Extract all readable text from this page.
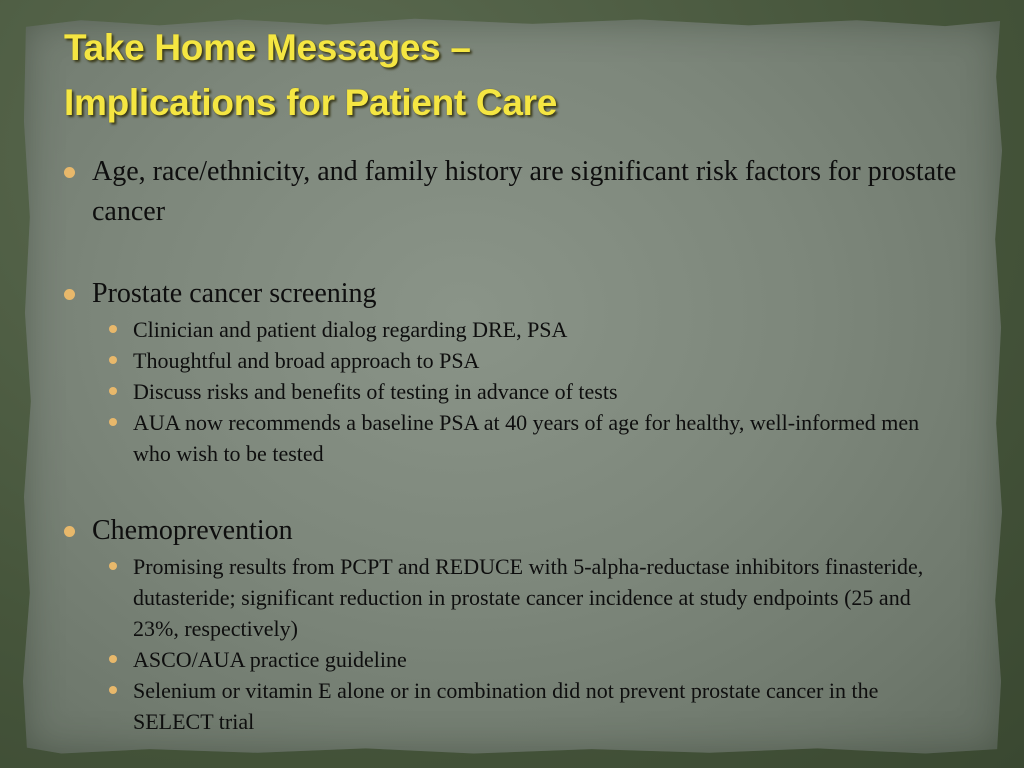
Take Home Messages –
Implications for Patient Care
Age, race/ethnicity, and family history are significant risk factors for prostate cancer
Prostate cancer screening
Clinician and patient dialog regarding DRE, PSA
Thoughtful and broad approach to PSA
Discuss risks and benefits of testing in advance of tests
AUA now recommends a baseline PSA at 40 years of age for healthy, well-informed men who wish to be tested
Chemoprevention
Promising results from PCPT and REDUCE with 5-alpha-reductase inhibitors finasteride, dutasteride; significant reduction in prostate cancer incidence at study endpoints (25 and 23%, respectively)
ASCO/AUA practice guideline
Selenium or vitamin E alone or in combination did not prevent prostate cancer in the SELECT trial
